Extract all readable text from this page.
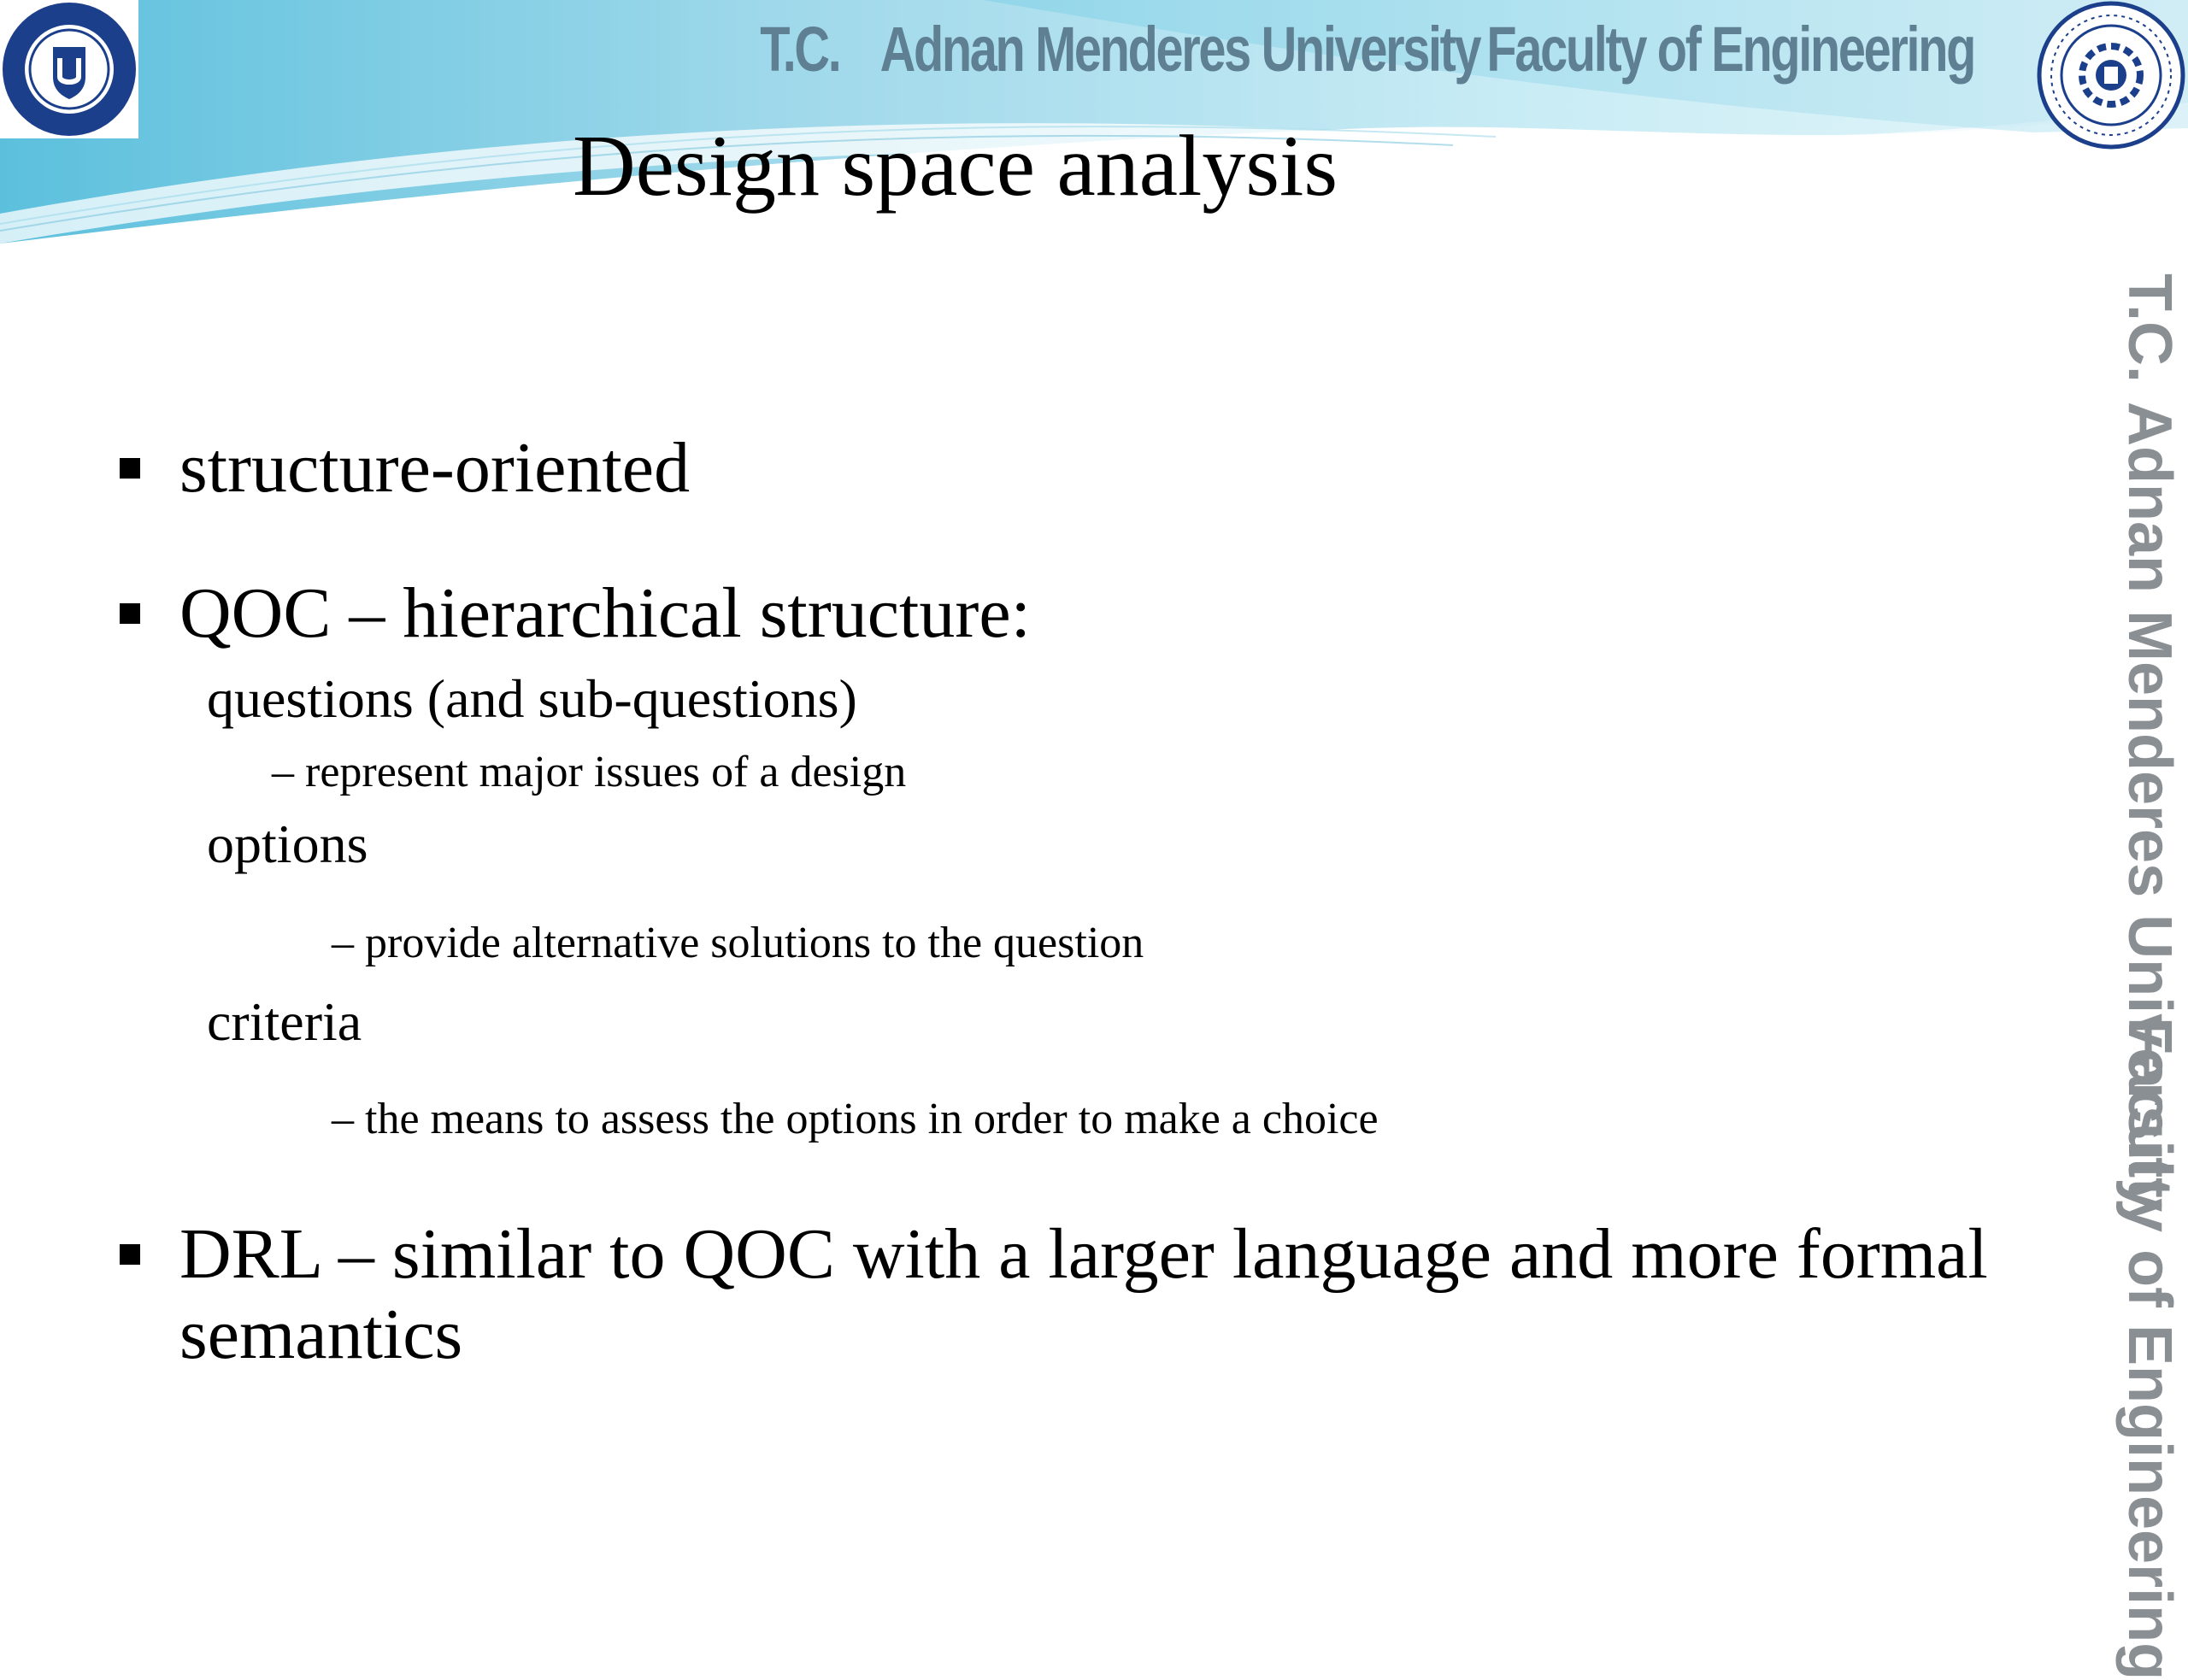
T.C. Adnan Menderes University Faculty of Engineering
T.C.
Adnan Menderes University
Faculty of Engineering
Design space analysis
structure-oriented
QOC – hierarchical structure:
questions (and sub-questions)
– represent major issues of a design
options
– provide alternative solutions to the question
criteria
– the means to assess the options in order to make a choice
DRL – similar to QOC with a larger language and more formal
semantics
